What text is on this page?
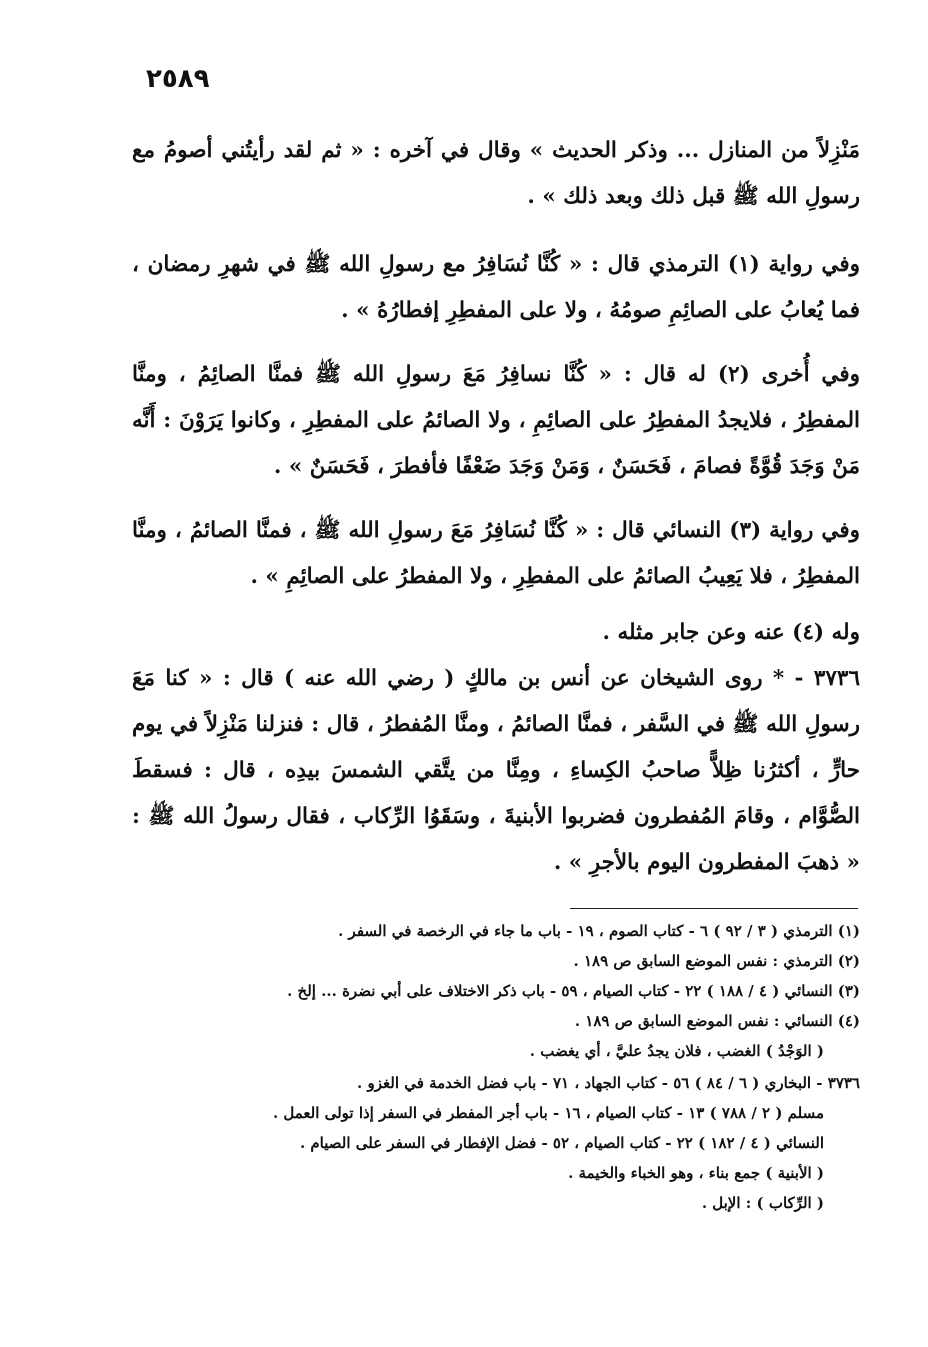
٢٥٨٩

مَنْزِلاً من المنازل ... وذكر الحديث » وقال في آخره : « ثم لقد رأيتُني أصومُ مع رسولِ الله ﷺ قبل ذلك وبعد ذلك » .

وفي رواية (١) الترمذي قال : « كُنَّا نُسَافِرُ مع رسولِ الله ﷺ في شهرِ رمضان ، فما يُعابُ على الصائِمِ صومُهُ ، ولا على المفطِرِ إفطارُهُ » .

وفي أُخرى (٢) له قال : « كُنَّا نسافِرُ مَعَ رسولِ الله ﷺ فمنَّا الصائِمُ ، ومنَّا المفطِرُ ، فلايجدُ المفطِرُ على الصائِمِ ، ولا الصائمُ على المفطِرِ ، وكانوا يَرَوْنَ : أَنَّه مَنْ وَجَدَ قُوَّةً فصامَ ، فَحَسَنٌ ، وَمَنْ وَجَدَ ضَعْفًا فأفطرَ ، فَحَسَنٌ » .

وفي رواية (٣) النسائي قال : « كُنَّا نُسَافِرُ مَعَ رسولِ الله ﷺ ، فمنَّا الصائمُ ، ومنَّا المفطِرُ ، فلا يَعِيبُ الصائمُ على المفطِرِ ، ولا المفطرُ على الصائِمِ » .

وله (٤) عنه وعن جابر مثله .

٣٧٣٦ - * روى الشيخان عن أنس بن مالكٍ ( رضي الله عنه ) قال : « كنا مَعَ رسولِ الله ﷺ في السَّفر ، فمنَّا الصائمُ ، ومنَّا المُفطرُ ، قال : فنزلنا مَنْزِلاً في يوم حارٍّ ، أكثرُنا ظِلاًّ صاحبُ الكِساءِ ، ومِنَّا من يتَّقي الشمسَ بيدِه ، قال : فسقطَ الصُّوَّام ، وقامَ المُفطرون فضربوا الأبنيةَ ، وسَقَوُا الرِّكاب ، فقال رسولُ الله ﷺ : « ذهبَ المفطرون اليوم بالأجرِ » .

(١) الترمذي ( ٣ / ٩٢ ) ٦ - كتاب الصوم ، ١٩ - باب ما جاء في الرخصة في السفر .
(٢) الترمذي : نفس الموضع السابق ص ١٨٩ .
(٣) النسائي ( ٤ / ١٨٨ ) ٢٢ - كتاب الصيام ، ٥٩ - باب ذكر الاختلاف على أبي نضرة ... إلخ .
(٤) النسائي : نفس الموضع السابق ص ١٨٩ .
( الوَجْدُ ) الغضب ، فلان يجدُ عليَّ ، أي يغضب .
٣٧٣٦ - البخاري ( ٦ / ٨٤ ) ٥٦ - كتاب الجهاد ، ٧١ - باب فضل الخدمة في الغزو .
مسلم ( ٢ / ٧٨٨ ) ١٣ - كتاب الصيام ، ١٦ - باب أجر المفطر في السفر إذا تولى العمل .
النسائي ( ٤ / ١٨٢ ) ٢٢ - كتاب الصيام ، ٥٢ - فضل الإفطار في السفر على الصيام .
( الأبنية ) جمع بناء ، وهو الخباء والخيمة .
( الرِّكاب ) : الإبل .
